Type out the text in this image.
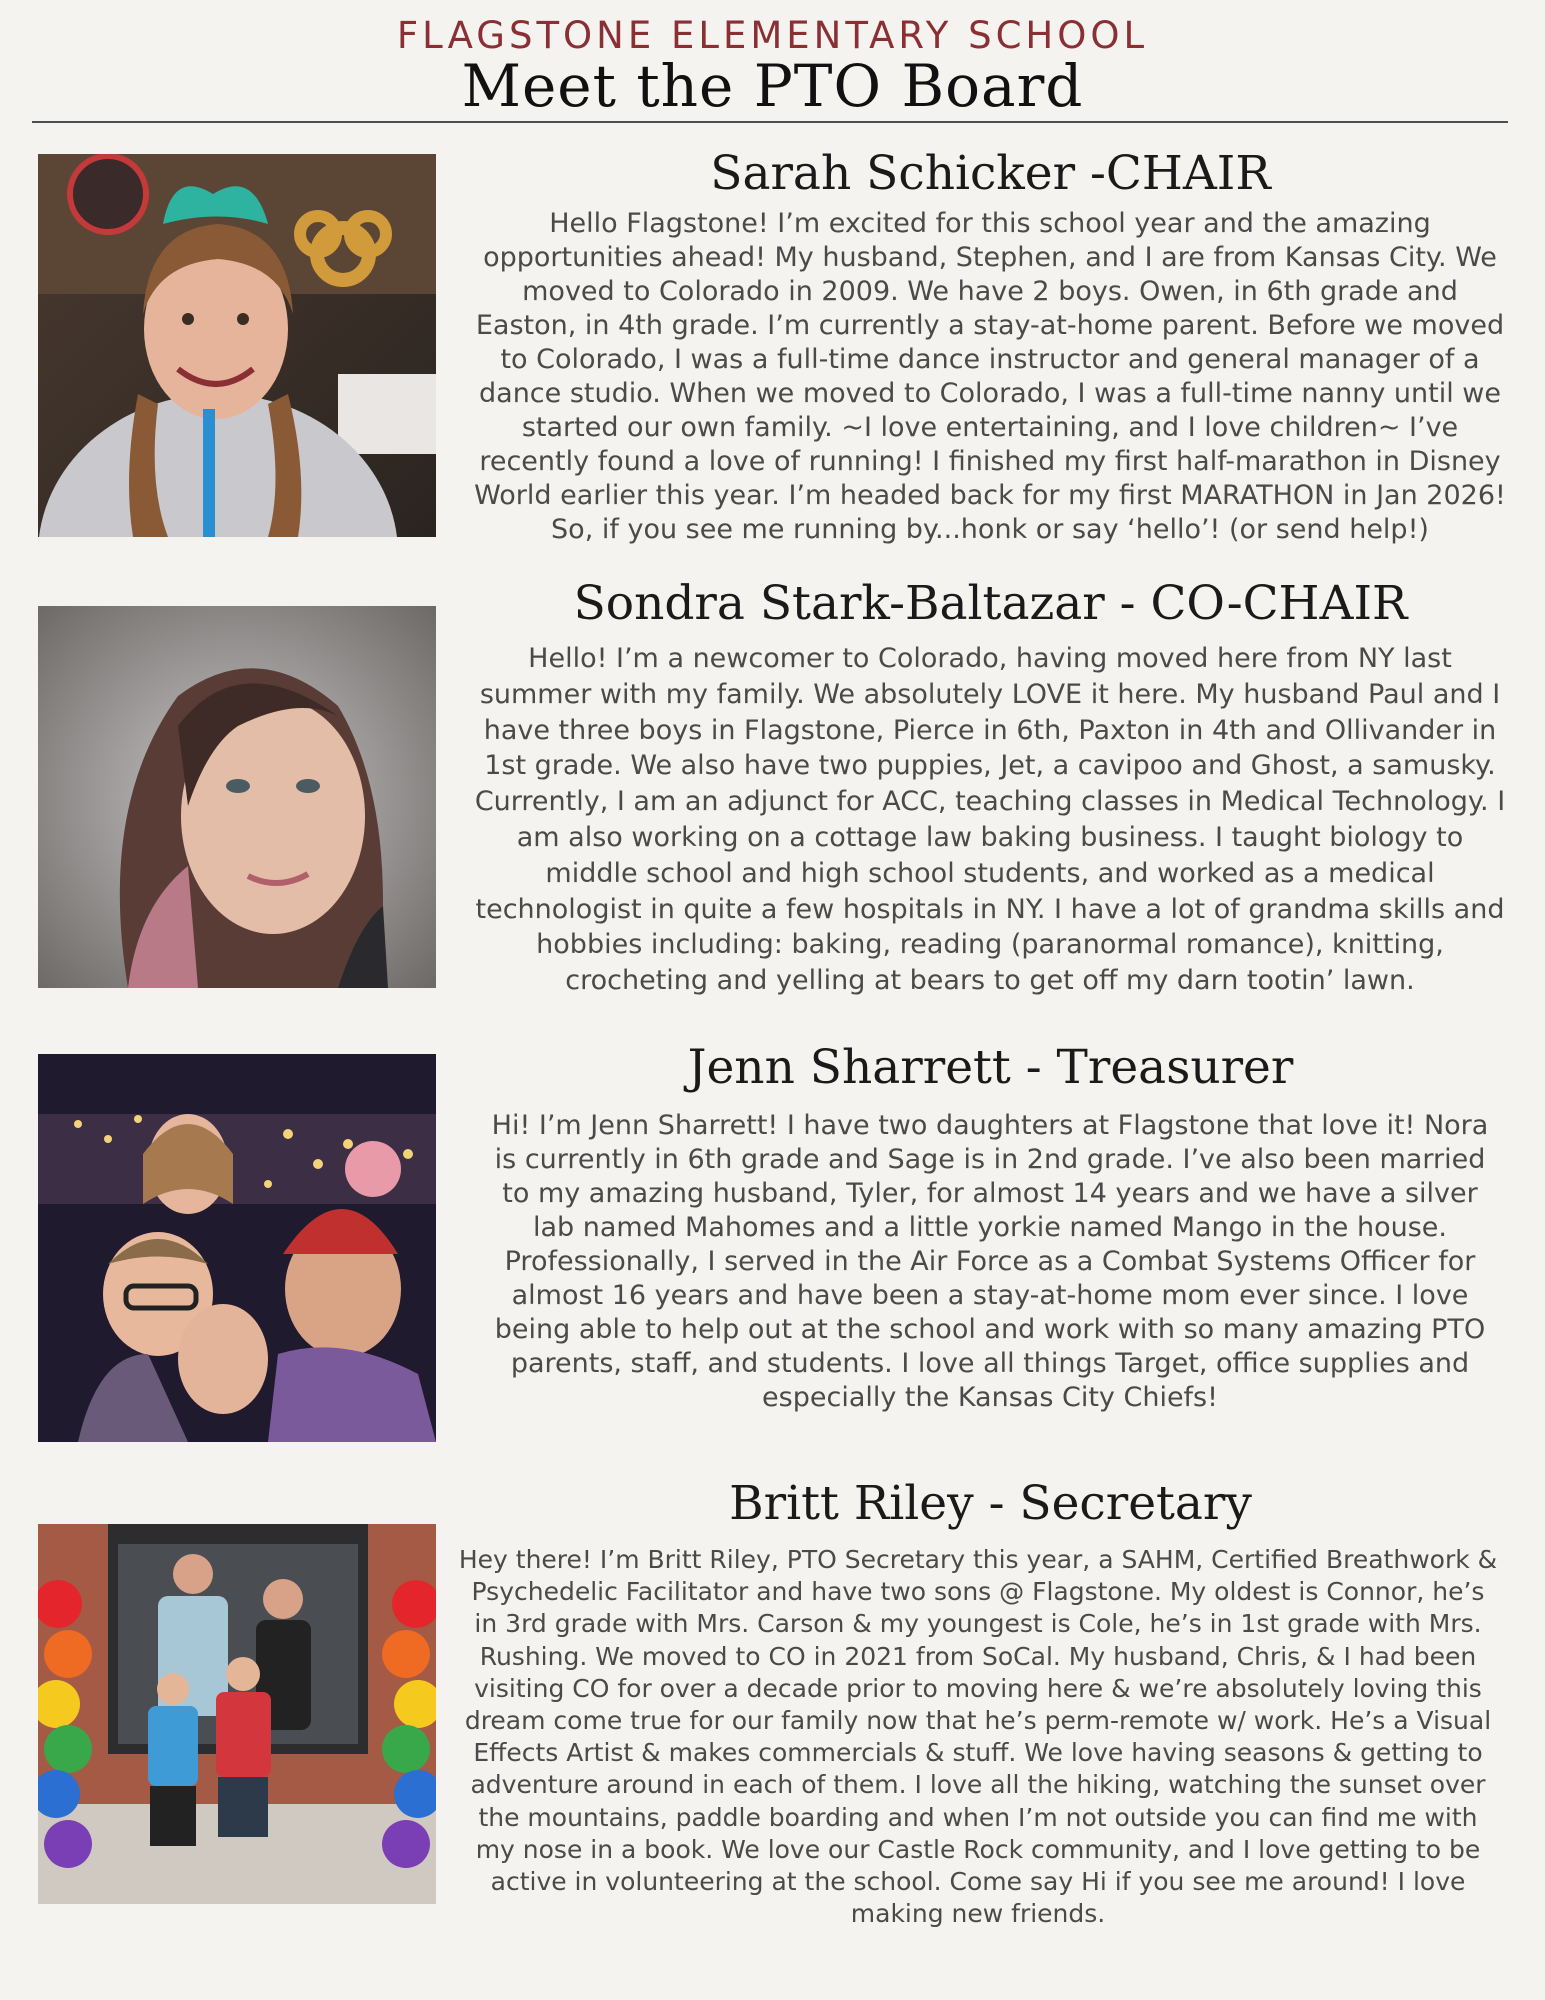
FLAGSTONE ELEMENTARY SCHOOL
Meet the PTO Board
Sarah Schicker -CHAIR

Hello Flagstone! I’m excited for this school year and the amazing opportunities ahead! My husband, Stephen, and I are from Kansas City. We moved to Colorado in 2009. We have 2 boys. Owen, in 6th grade and Easton, in 4th grade. I’m currently a stay-at-home parent. Before we moved to Colorado, I was a full-time dance instructor and general manager of a dance studio. When we moved to Colorado, I was a full-time nanny until we started our own family. ~I love entertaining, and I love children~ I’ve recently found a love of running! I finished my first half-marathon in Disney World earlier this year. I’m headed back for my first MARATHON in Jan 2026! So, if you see me running by...honk or say ‘hello’! (or send help!)

Sondra Stark-Baltazar - CO-CHAIR

Hello! I’m a newcomer to Colorado, having moved here from NY last summer with my family. We absolutely LOVE it here. My husband Paul and I have three boys in Flagstone, Pierce in 6th, Paxton in 4th and Ollivander in 1st grade. We also have two puppies, Jet, a cavipoo and Ghost, a samusky. Currently, I am an adjunct for ACC, teaching classes in Medical Technology. I am also working on a cottage law baking business. I taught biology to middle school and high school students, and worked as a medical technologist in quite a few hospitals in NY. I have a lot of grandma skills and hobbies including: baking, reading (paranormal romance), knitting, crocheting and yelling at bears to get off my darn tootin’ lawn.

Jenn Sharrett - Treasurer

Hi! I’m Jenn Sharrett! I have two daughters at Flagstone that love it! Nora is currently in 6th grade and Sage is in 2nd grade. I’ve also been married to my amazing husband, Tyler, for almost 14 years and we have a silver lab named Mahomes and a little yorkie named Mango in the house. Professionally, I served in the Air Force as a Combat Systems Officer for almost 16 years and have been a stay-at-home mom ever since. I love being able to help out at the school and work with so many amazing PTO parents, staff, and students. I love all things Target, office supplies and especially the Kansas City Chiefs!

Britt Riley - Secretary

Hey there! I’m Britt Riley, PTO Secretary this year, a SAHM, Certified Breathwork & Psychedelic Facilitator and have two sons @ Flagstone. My oldest is Connor, he’s in 3rd grade with Mrs. Carson & my youngest is Cole, he’s in 1st grade with Mrs. Rushing. We moved to CO in 2021 from SoCal. My husband, Chris, & I had been visiting CO for over a decade prior to moving here & we’re absolutely loving this dream come true for our family now that he’s perm-remote w/ work. He’s a Visual Effects Artist & makes commercials & stuff. We love having seasons & getting to adventure around in each of them. I love all the hiking, watching the sunset over the mountains, paddle boarding and when I’m not outside you can find me with my nose in a book. We love our Castle Rock community, and I love getting to be active in volunteering at the school. Come say Hi if you see me around! I love making new friends.
